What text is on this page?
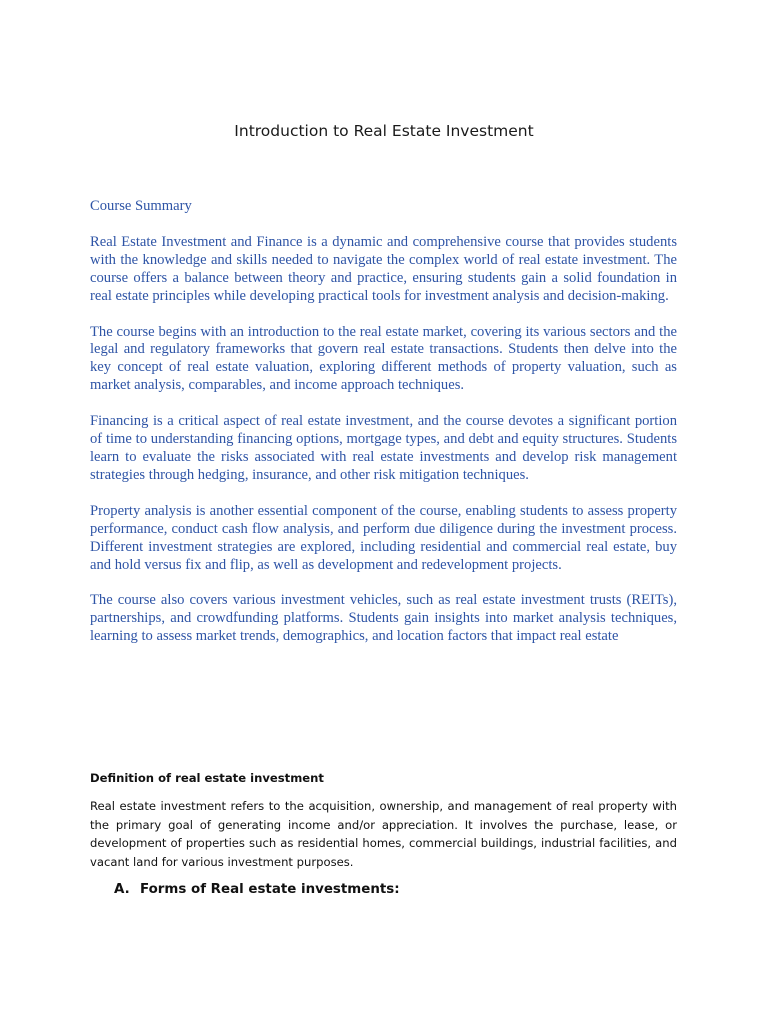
Introduction to Real Estate Investment

Course Summary

Real Estate Investment and Finance is a dynamic and comprehensive course that provides students with the knowledge and skills needed to navigate the complex world of real estate investment. The course offers a balance between theory and practice, ensuring students gain a solid foundation in real estate principles while developing practical tools for investment analysis and decision-making.

The course begins with an introduction to the real estate market, covering its various sectors and the legal and regulatory frameworks that govern real estate transactions. Students then delve into the key concept of real estate valuation, exploring different methods of property valuation, such as market analysis, comparables, and income approach techniques.

Financing is a critical aspect of real estate investment, and the course devotes a significant portion of time to understanding financing options, mortgage types, and debt and equity structures. Students learn to evaluate the risks associated with real estate investments and develop risk management strategies through hedging, insurance, and other risk mitigation techniques.

Property analysis is another essential component of the course, enabling students to assess property performance, conduct cash flow analysis, and perform due diligence during the investment process. Different investment strategies are explored, including residential and commercial real estate, buy and hold versus fix and flip, as well as development and redevelopment projects.

The course also covers various investment vehicles, such as real estate investment trusts (REITs), partnerships, and crowdfunding platforms. Students gain insights into market analysis techniques, learning to assess market trends, demographics, and location factors that impact real estate

Definition of real estate investment

Real estate investment refers to the acquisition, ownership, and management of real property with the primary goal of generating income and/or appreciation. It involves the purchase, lease, or development of properties such as residential homes, commercial buildings, industrial facilities, and vacant land for various investment purposes.

A. Forms of Real estate investments:
